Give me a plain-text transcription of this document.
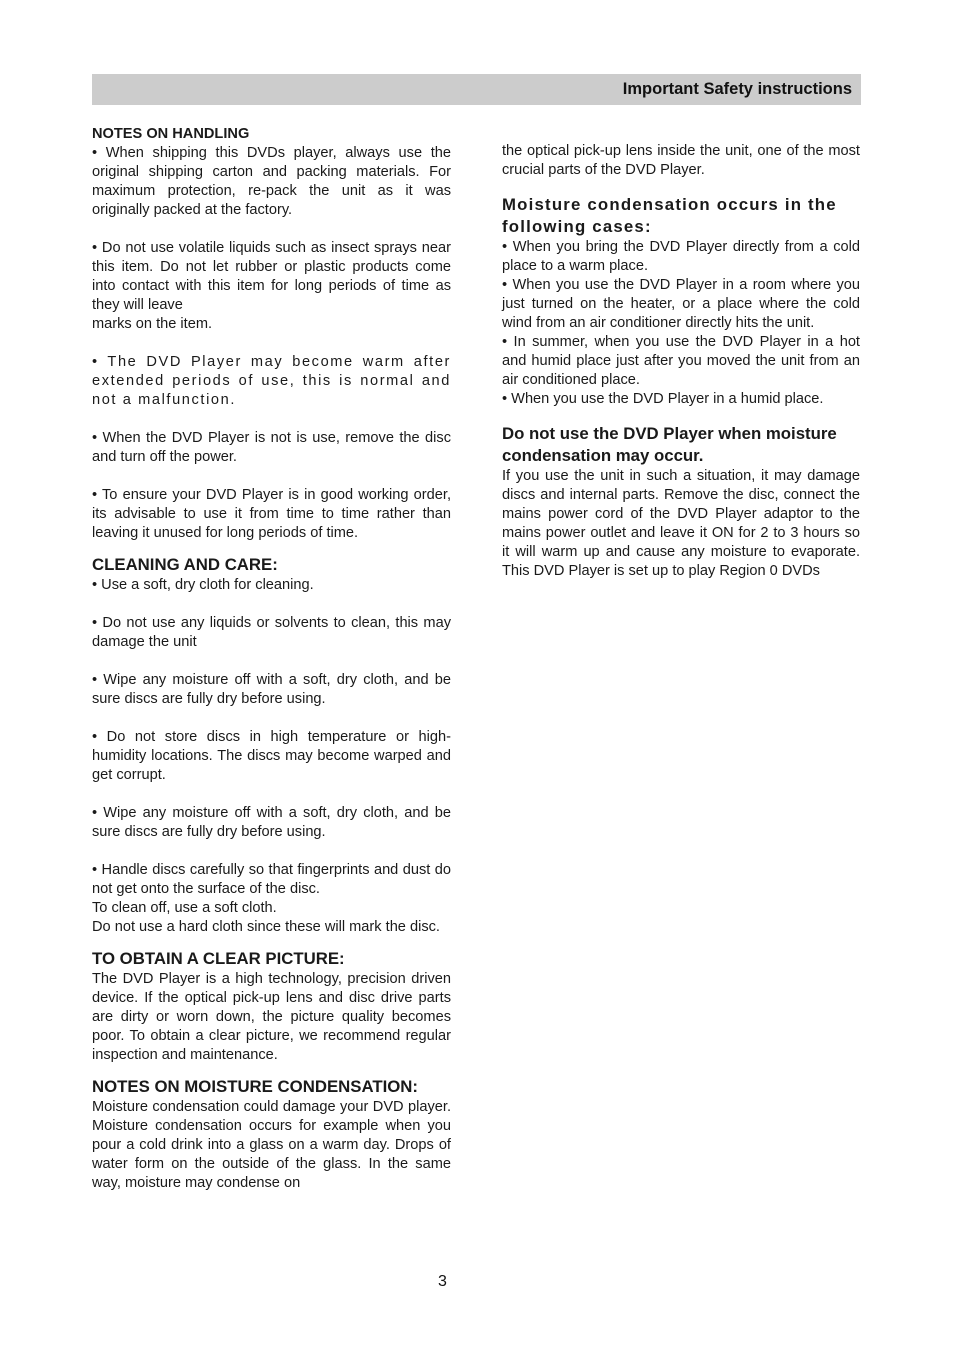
Important Safety instructions
NOTES ON HANDLING

• When shipping this DVDs player, always use the original shipping carton and packing materials. For maximum protection, re-pack the unit as it was originally packed at the factory.

• Do not use volatile liquids such as insect sprays near this item. Do not let rubber or plastic products come into contact with this item for long periods of time as they will leave

marks on the item.

• The DVD Player may become warm after extended periods of use, this is normal and not a malfunction.

• When the DVD Player is not is use, remove the disc and turn off the power.

• To ensure your DVD Player is in good working order, its advisable to use it from time to time rather than leaving it unused for long periods of time.

CLEANING AND CARE:

• Use a soft, dry cloth for cleaning.

• Do not use any liquids or solvents to clean, this may damage the unit

• Wipe any moisture off with a soft, dry cloth, and be sure discs are fully dry before using.

• Do not store discs in high temperature or high-humidity locations. The discs may become warped and get corrupt.

• Wipe any moisture off with a soft, dry cloth, and be sure discs are fully dry before using.

• Handle discs carefully so that fingerprints and dust do not get onto the surface of the disc.

To clean off, use a soft cloth.

Do not use a hard cloth since these will mark the disc.

TO OBTAIN A CLEAR PICTURE:

The DVD Player is a high technology, precision driven device. If the optical pick-up lens and disc drive parts are dirty or worn down, the picture quality becomes poor. To obtain a clear picture, we recommend regular inspection and maintenance.

NOTES ON MOISTURE CONDENSATION:

Moisture condensation could damage your DVD player. Moisture condensation occurs for example when you pour a cold drink into a glass on a warm day. Drops of water form on the outside of the glass. In the same way, moisture may condense on

the optical pick-up lens inside the unit, one of the most crucial parts of the DVD Player.

Moisture condensation occurs in the following cases:

• When you bring the DVD Player directly from a cold place to a warm place.

• When you use the DVD Player in a room where you just turned on the heater, or a place where the cold wind from an air conditioner directly hits the unit.

• In summer, when you use the DVD Player in a hot and humid place just after you moved the unit from an air conditioned place.

• When you use the DVD Player in a humid place.

Do not use the DVD Player when moisture condensation may occur.

If you use the unit in such a situation, it may damage discs and internal parts. Remove the disc, connect the mains power cord of the DVD Player adaptor to the mains power outlet and leave it ON for 2 to 3 hours so it will warm up and cause any moisture to evaporate. This DVD Player is set up to play Region 0 DVDs

3
